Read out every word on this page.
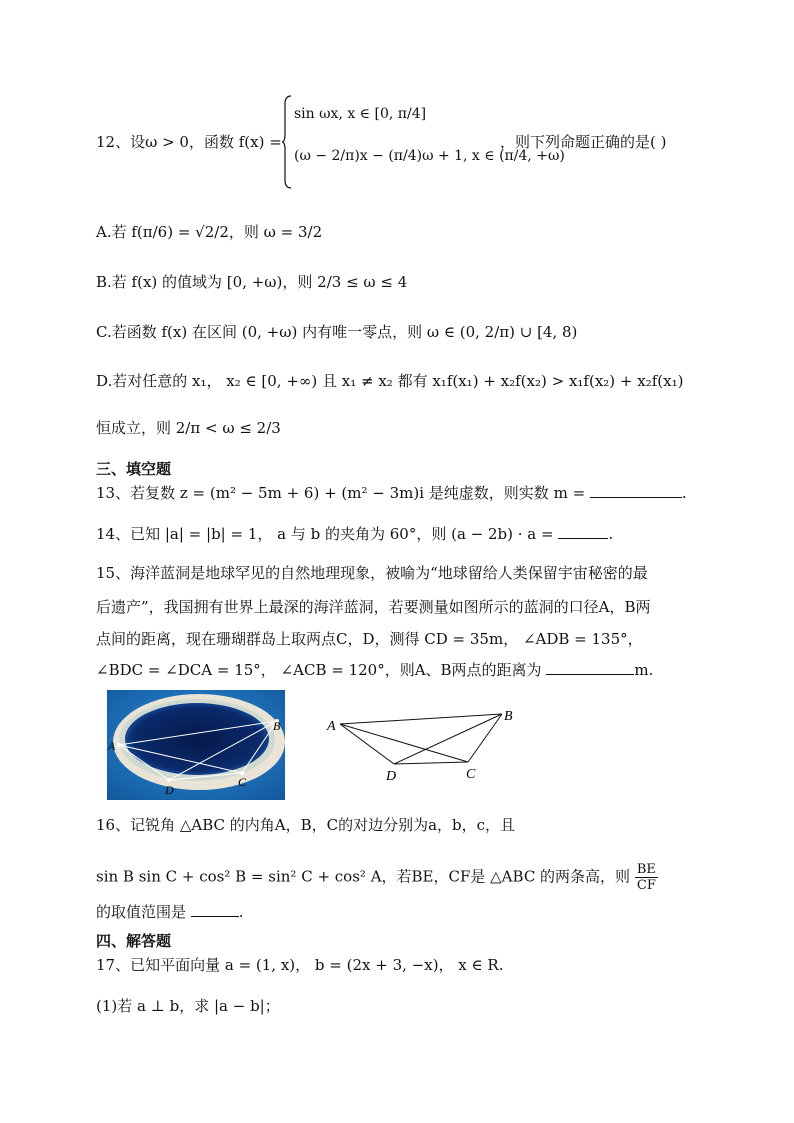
12、设ω > 0，函数 f(x) =
sin ωx, x ∈ [0, π/4]
(ω − 2/π)x − (π/4)ω + 1, x ∈ (π/4, +ω)
，则下列命题正确的是( )
A.若 f(π/6) = √2/2，则 ω = 3/2
B.若 f(x) 的值域为 [0, +ω)，则 2/3 ≤ ω ≤ 4
C.若函数 f(x) 在区间 (0, +ω) 内有唯一零点，则 ω ∈ (0, 2/π) ∪ [4, 8)
D.若对任意的 x₁， x₂ ∈ [0, +∞) 且 x₁ ≠ x₂ 都有 x₁f(x₁) + x₂f(x₂) > x₁f(x₂) + x₂f(x₁)
恒成立，则 2/π < ω ≤ 2/3
三、填空题
13、若复数 z = (m² − 5m + 6) + (m² − 3m)i 是纯虚数，则实数 m =	.
14、已知 |a| = |b| = 1， a 与 b 的夹角为 60°，则 (a − 2b) · a =	.
15、海洋蓝洞是地球罕见的自然地理现象，被喻为“地球留给人类保留宇宙秘密的最
后遗产”，我国拥有世界上最深的海洋蓝洞，若要测量如图所示的蓝洞的口径A，B两
点间的距离，现在珊瑚群岛上取两点C，D，测得 CD = 35m， ∠ADB = 135°，
∠BDC = ∠DCA = 15°， ∠ACB = 120°，则A、B两点的距离为	m.
A
B
D
C
A
B
D	C
16、记锐角 △ABC 的内角A，B，C的对边分别为a，b，c，且
sin B sin C + cos² B = sin² C + cos² A，若BE，CF是 △ABC 的两条高，则 $\frac{BE}{CF}$
的取值范围是	.
四、解答题
17、已知平面向量 a = (1, x)， b = (2x + 3, −x)， x ∈ R.
(1)若 a ⊥ b，求 |a − b|；
